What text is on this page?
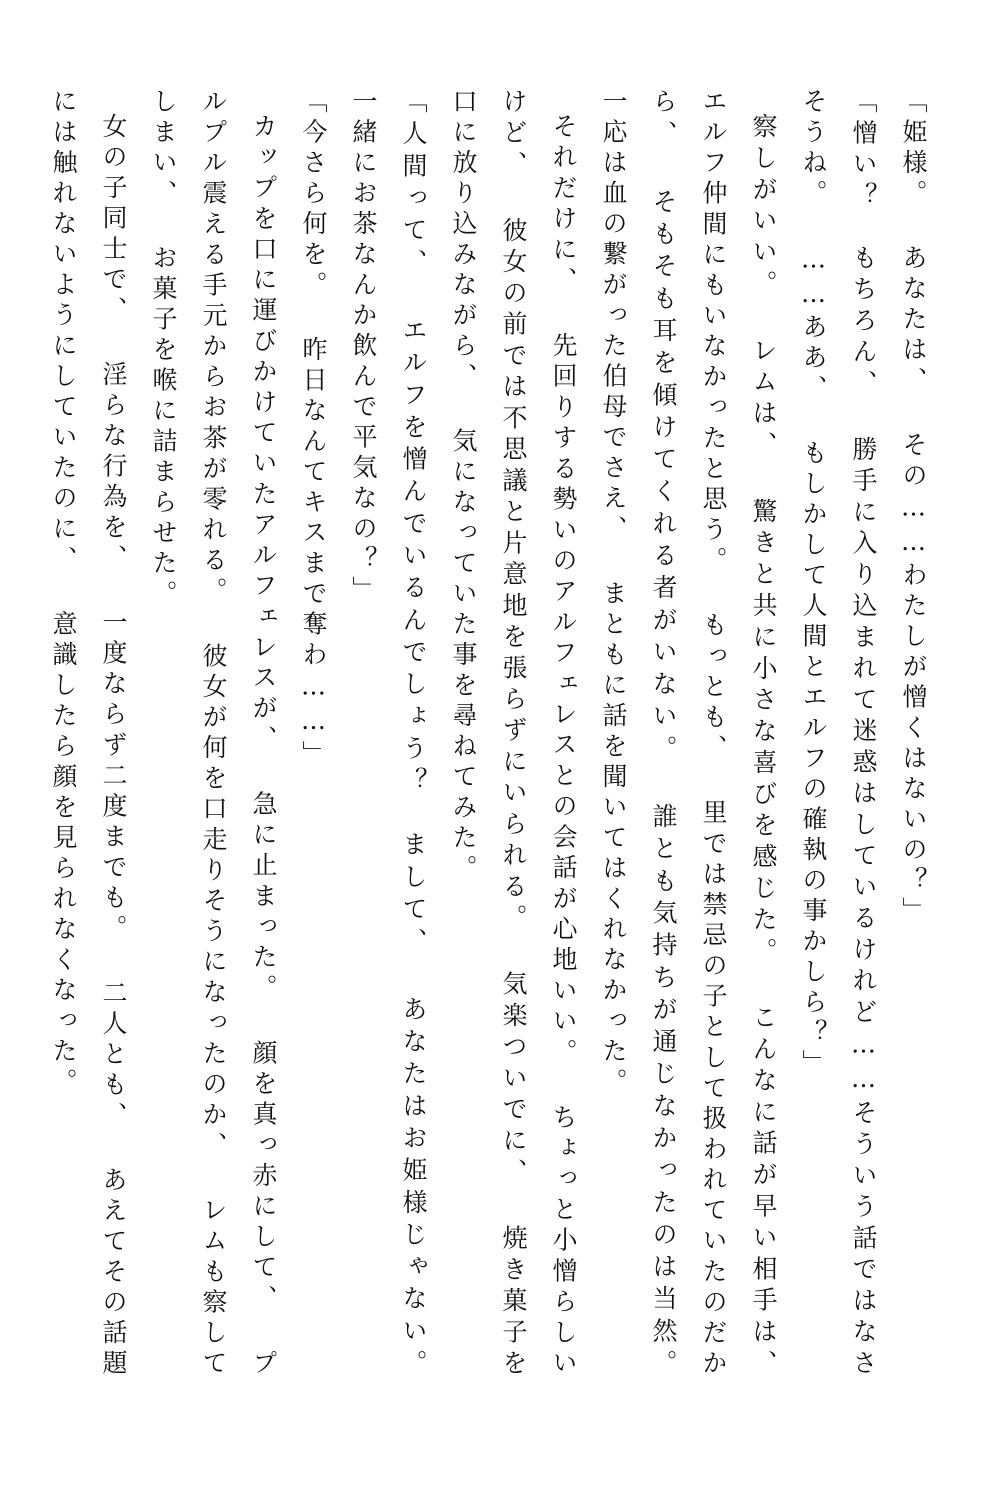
「姫様。 あなたは、 その……わたしが憎くはないの？」

「憎い？　もちろん、 勝手に入り込まれて迷惑はしているけれど……そういう話ではなさそうね。 ……ああ、 もしかして人間とエルフの確執の事かしら？」

察しがいい。 レムは、 驚きと共に小さな喜びを感じた。 こんなに話が早い相手は、 エルフ仲間にもいなかったと思う。 もっとも、 里では禁忌の子として扱われていたのだから、 そもそも耳を傾けてくれる者がいない。 誰とも気持ちが通じなかったのは当然。 一応は血の繋がった伯母でさえ、 まともに話を聞いてはくれなかった。

それだけに、 先回りする勢いのアルフェレスとの会話が心地いい。 ちょっと小憎らしいけど、 彼女の前では不思議と片意地を張らずにいられる。 気楽ついでに、 焼き菓子を口に放り込みながら、 気になっていた事を尋ねてみた。

「人間って、 エルフを憎んでいるんでしょう？　まして、 あなたはお姫様じゃない。 一緒にお茶なんか飲んで平気なの？」

「今さら何を。 昨日なんてキスまで奪わ……」

カップを口に運びかけていたアルフェレスが、 急に止まった。 顔を真っ赤にして、 プルプル震える手元からお茶が零れる。 彼女が何を口走りそうになったのか、 レムも察してしまい、 お菓子を喉に詰まらせた。

女の子同士で、 淫らな行為を、 一度ならず二度までも。 二人とも、 あえてその話題には触れないようにしていたのに、 意識したら顔を見られなくなった。
